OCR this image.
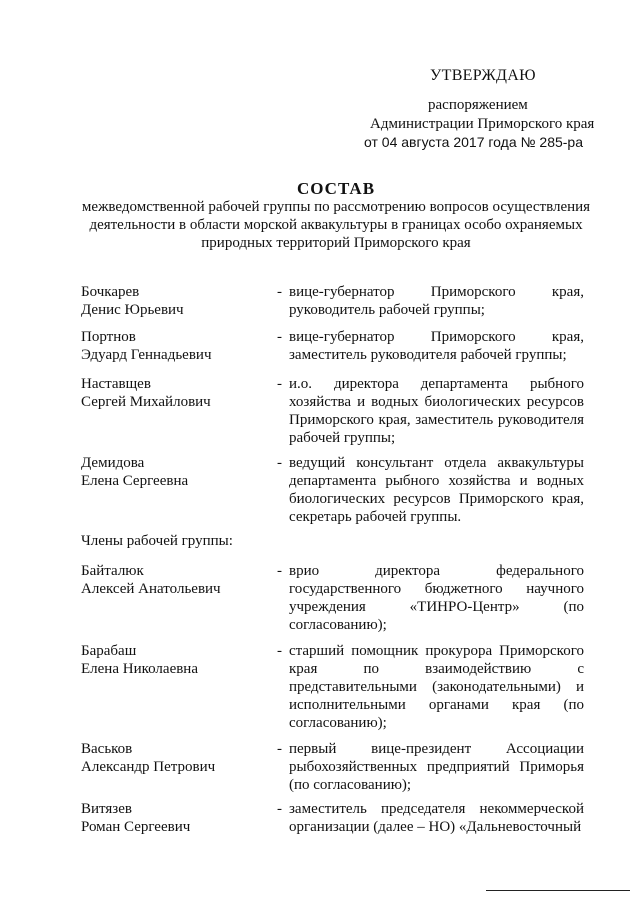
УТВЕРЖДАЮ
распоряжением
Администрации Приморского края
от 04 августа 2017 года № 285-ра
СОСТАВ
межведомственной рабочей группы по рассмотрению вопросов осуществления
деятельности в области морской аквакультуры в границах особо охраняемых
природных территорий Приморского края
Бочкарев
Денис Юрьевич
- вице-губернатор Приморского края, руководитель рабочей группы;
Портнов
Эдуард Геннадьевич
- вице-губернатор Приморского края, заместитель руководителя рабочей группы;
Наставщев
Сергей Михайлович
- и.о. директора департамента рыбного хозяйства и водных биологических ресурсов Приморского края, заместитель руководителя рабочей группы;
Демидова
Елена Сергеевна
- ведущий консультант отдела аквакультуры департамента рыбного хозяйства и водных биологических ресурсов Приморского края, секретарь рабочей группы.
Члены рабочей группы:
Байталюк
Алексей Анатольевич
- врио директора федерального государственного бюджетного научного учреждения «ТИНРО-Центр» (по согласованию);
Барабаш
Елена Николаевна
- старший помощник прокурора Приморского края по взаимодействию с представительными (законодательными) и исполнительными органами края (по согласованию);
Васьков
Александр Петрович
- первый вице-президент Ассоциации рыбохозяйственных предприятий Приморья (по согласованию);
Витязев
Роман Сергеевич
- заместитель председателя некоммерческой организации (далее – НО) «Дальневосточный
